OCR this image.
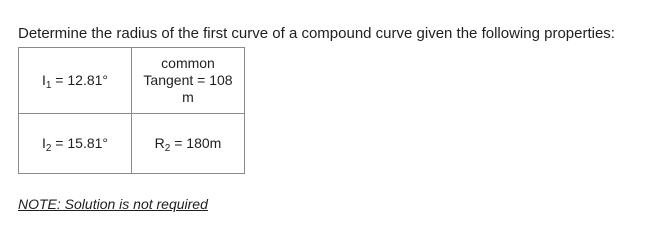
Determine the radius of the first curve of a compound curve given the following properties:
$I_1 = 12.81^\circ$	common
Tangent = 108
m

$I_2 = 15.81^\circ$	$R_2 = 180m$
NOTE: Solution is not required
